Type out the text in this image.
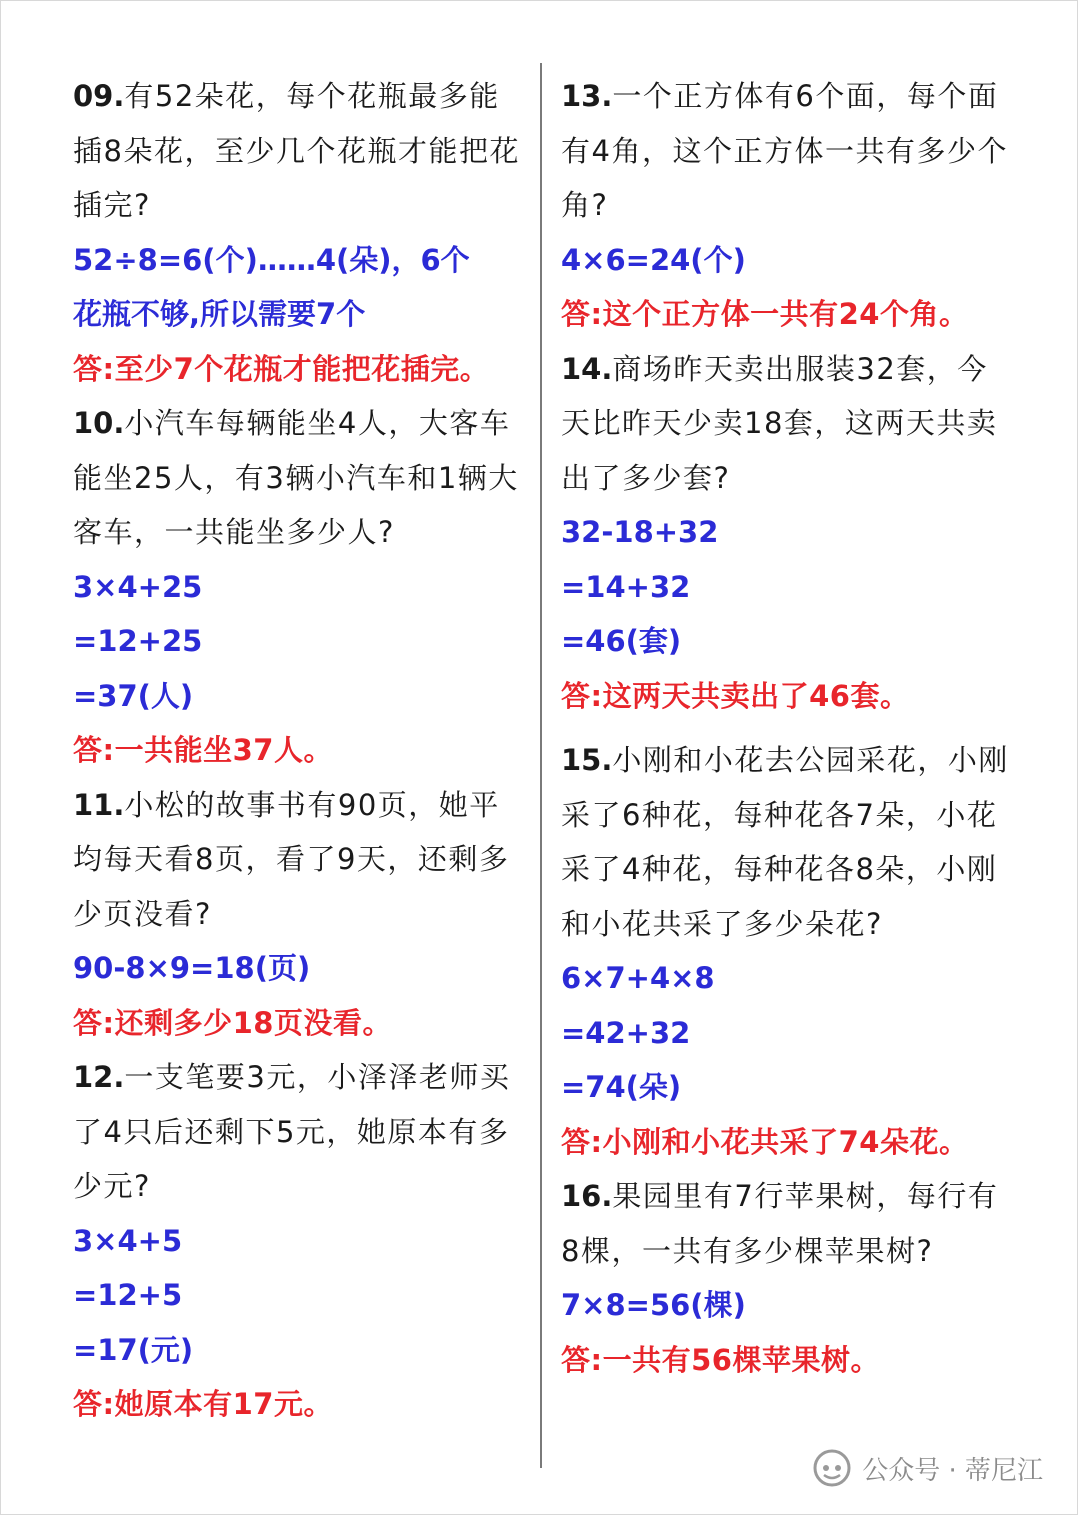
09.有52朵花，每个花瓶最多能插8朵花，至少几个花瓶才能把花插完?
52÷8=6(个)……4(朵)，6个
花瓶不够,所以需要7个
答:至少7个花瓶才能把花插完。
10.小汽车每辆能坐4人，大客车能坐25人，有3辆小汽车和1辆大客车，一共能坐多少人?
3×4+25
=12+25
=37(人)
答:一共能坐37人。
11.小松的故事书有90页，她平均每天看8页，看了9天，还剩多少页没看?
90-8×9=18(页)
答:还剩多少18页没看。
12.一支笔要3元，小泽泽老师买了4只后还剩下5元，她原本有多少元?
3×4+5
=12+5
=17(元)
答:她原本有17元。
13.一个正方体有6个面，每个面有4角，这个正方体一共有多少个角?
4×6=24(个)
答:这个正方体一共有24个角。
14.商场昨天卖出服装32套，今天比昨天少卖18套，这两天共卖出了多少套?
32-18+32
=14+32
=46(套)
答:这两天共卖出了46套。
15.小刚和小花去公园采花，小刚采了6种花，每种花各7朵，小花采了4种花，每种花各8朵，小刚和小花共采了多少朵花?
6×7+4×8
=42+32
=74(朵)
答:小刚和小花共采了74朵花。
16.果园里有7行苹果树，每行有8棵，一共有多少棵苹果树?
7×8=56(棵)
答:一共有56棵苹果树。
公众号 · 蒂尼江
